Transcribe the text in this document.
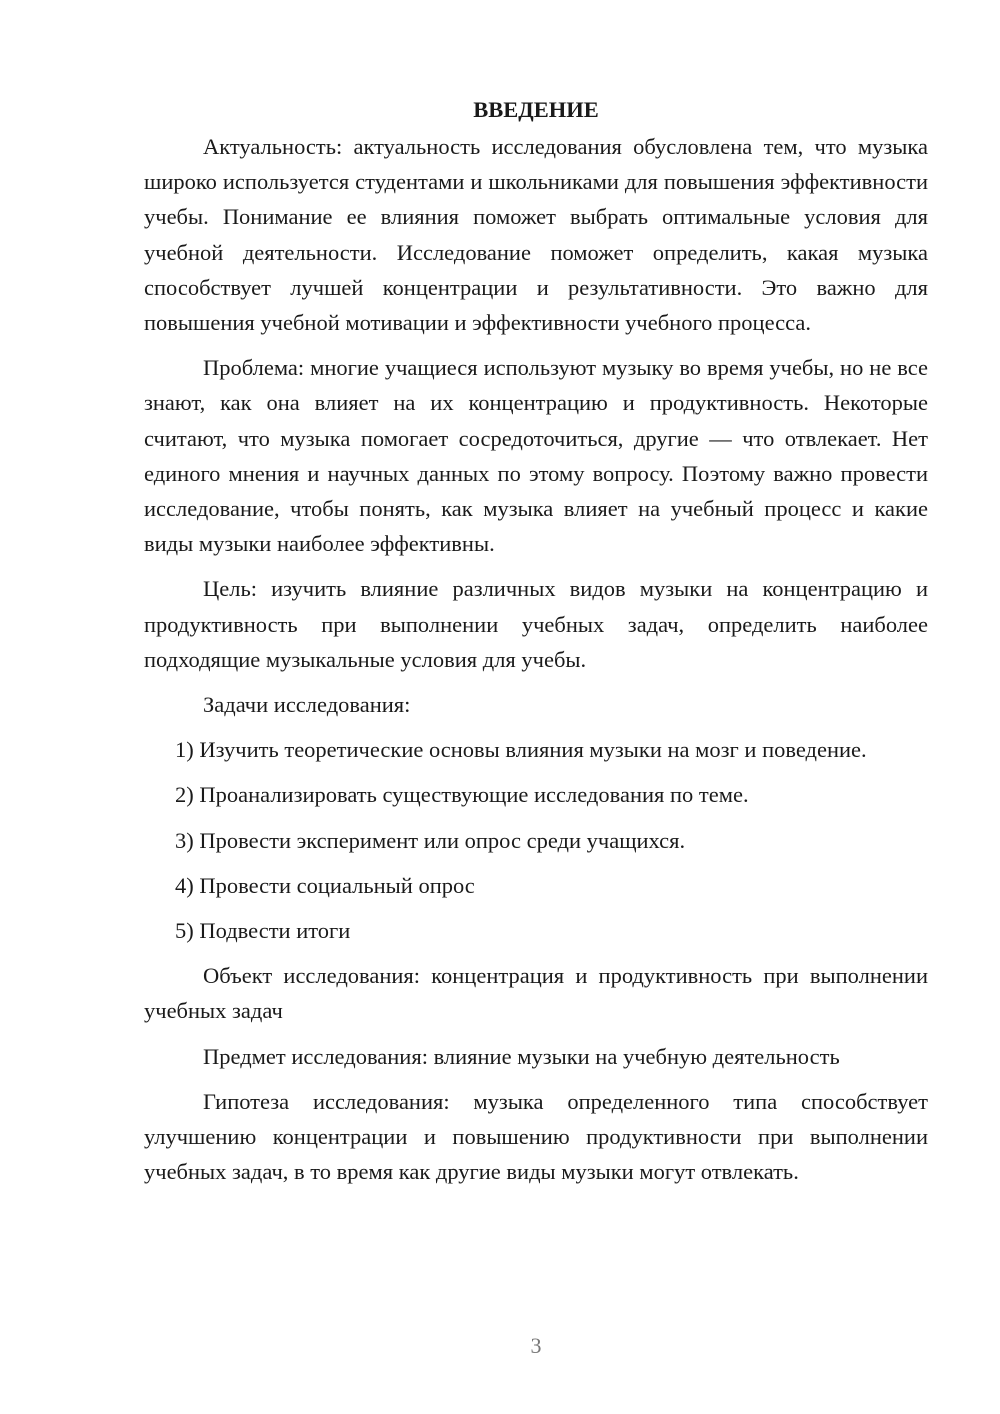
ВВЕДЕНИЕ

Актуальность: актуальность исследования обусловлена тем, что музыка широко используется студентами и школьниками для повышения эффективности учебы. Понимание ее влияния поможет выбрать оптимальные условия для учебной деятельности. Исследование поможет определить, какая музыка способствует лучшей концентрации и результативности. Это важно для повышения учебной мотивации и эффективности учебного процесса.

Проблема: многие учащиеся используют музыку во время учебы, но не все знают, как она влияет на их концентрацию и продуктивность. Некоторые считают, что музыка помогает сосредоточиться, другие — что отвлекает. Нет единого мнения и научных данных по этому вопросу. Поэтому важно провести исследование, чтобы понять, как музыка влияет на учебный процесс и какие виды музыки наиболее эффективны.

Цель: изучить влияние различных видов музыки на концентрацию и продуктивность при выполнении учебных задач, определить наиболее подходящие музыкальные условия для учебы.

Задачи исследования:

1) Изучить теоретические основы влияния музыки на мозг и поведение.

2) Проанализировать существующие исследования по теме.

3) Провести эксперимент или опрос среди учащихся.

4) Провести социальный опрос

5) Подвести итоги

Объект исследования: концентрация и продуктивность при выполнении учебных задач

Предмет исследования: влияние музыки на учебную деятельность

Гипотеза исследования: музыка определенного типа способствует улучшению концентрации и повышению продуктивности при выполнении учебных задач, в то время как другие виды музыки могут отвлекать.

3
